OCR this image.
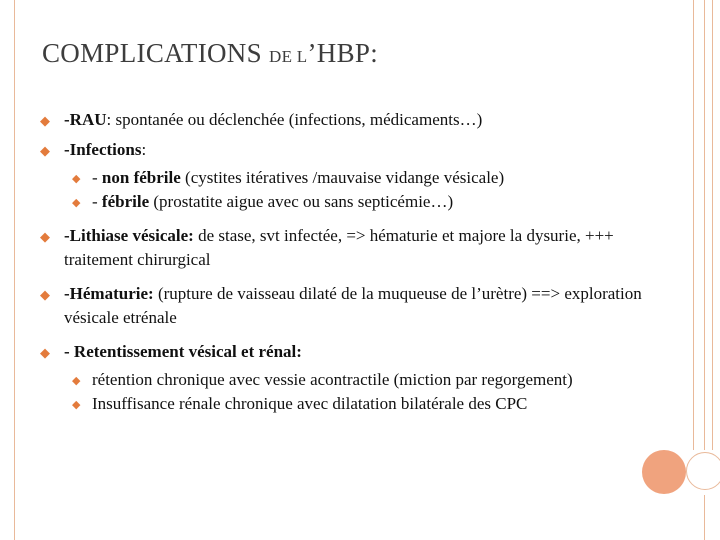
COMPLICATIONS DE L’HBP:
◆ -RAU: spontanée ou déclenchée (infections, médicaments…)
◆ -Infections:
◆ - non fébrile (cystites itératives /mauvaise vidange vésicale)
◆ - fébrile (prostatite aigue avec ou sans septicémie…)
◆ -Lithiase vésicale: de stase, svt infectée, => hématurie et majore la dysurie, +++ traitement chirurgical
◆ -Hématurie: (rupture de vaisseau dilaté de la muqueuse de l’urètre) ==> exploration vésicale etrénale
◆ - Retentissement vésical et rénal:
◆ rétention chronique avec vessie acontractile (miction par regorgement)
◆ Insuffisance rénale chronique avec dilatation bilatérale des CPC
